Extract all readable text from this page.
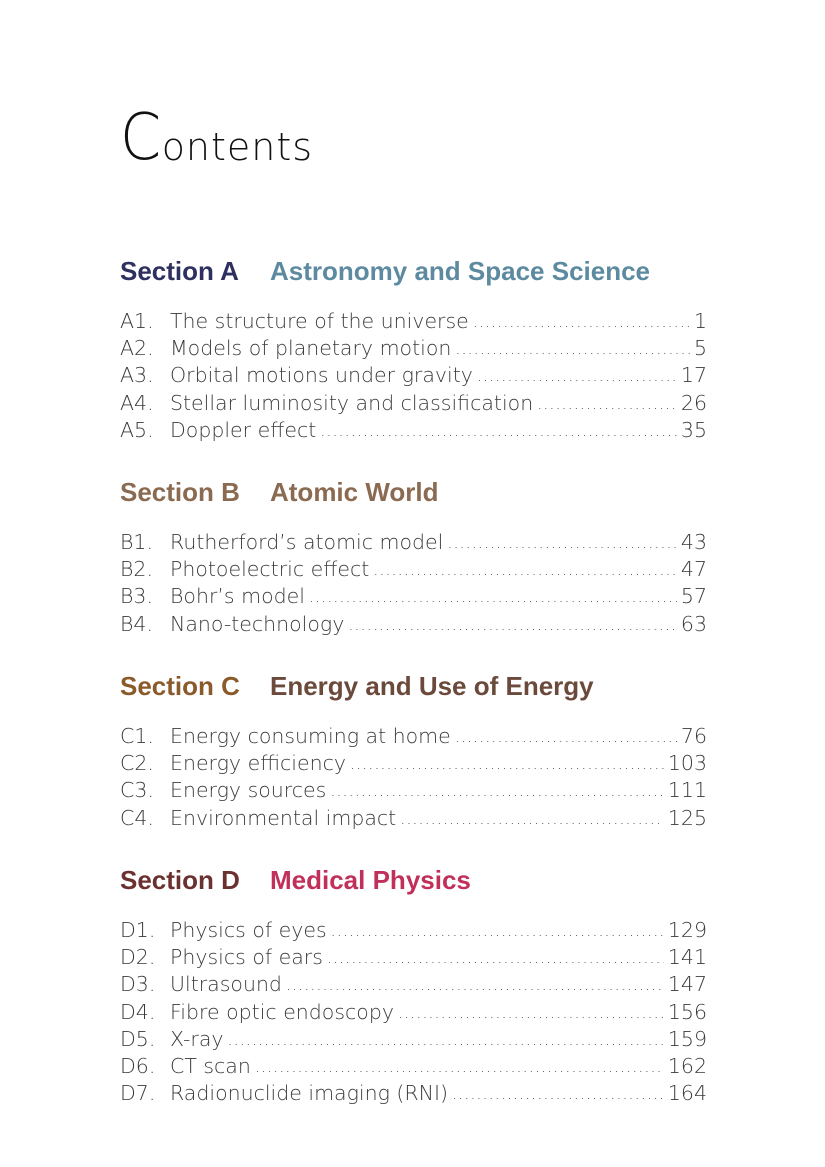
C ontents
Section A Astronomy and Space Science
A1. The structure of the universe .....	1
A2. Models of planetary motion .....	5
A3. Orbital motions under gravity .....	17
A4. Stellar luminosity and classification .....	26
A5. Doppler effect .....	35
Section B Atomic World
B1. Rutherford’s atomic model .....	43
B2. Photoelectric effect .....	47
B3. Bohr’s model .....	57
B4. Nano-technology .....	63
Section C Energy and Use of Energy
C1. Energy consuming at home .....	76
C2. Energy efficiency .....	103
C3. Energy sources .....	111
C4. Environmental impact .....	125
Section D Medical Physics
D1. Physics of eyes .....	129
D2. Physics of ears .....	141
D3. Ultrasound .....	147
D4. Fibre optic endoscopy .....	156
D5. X-ray .....	159
D6. CT scan .....	162
D7. Radionuclide imaging (RNI) .....	164
